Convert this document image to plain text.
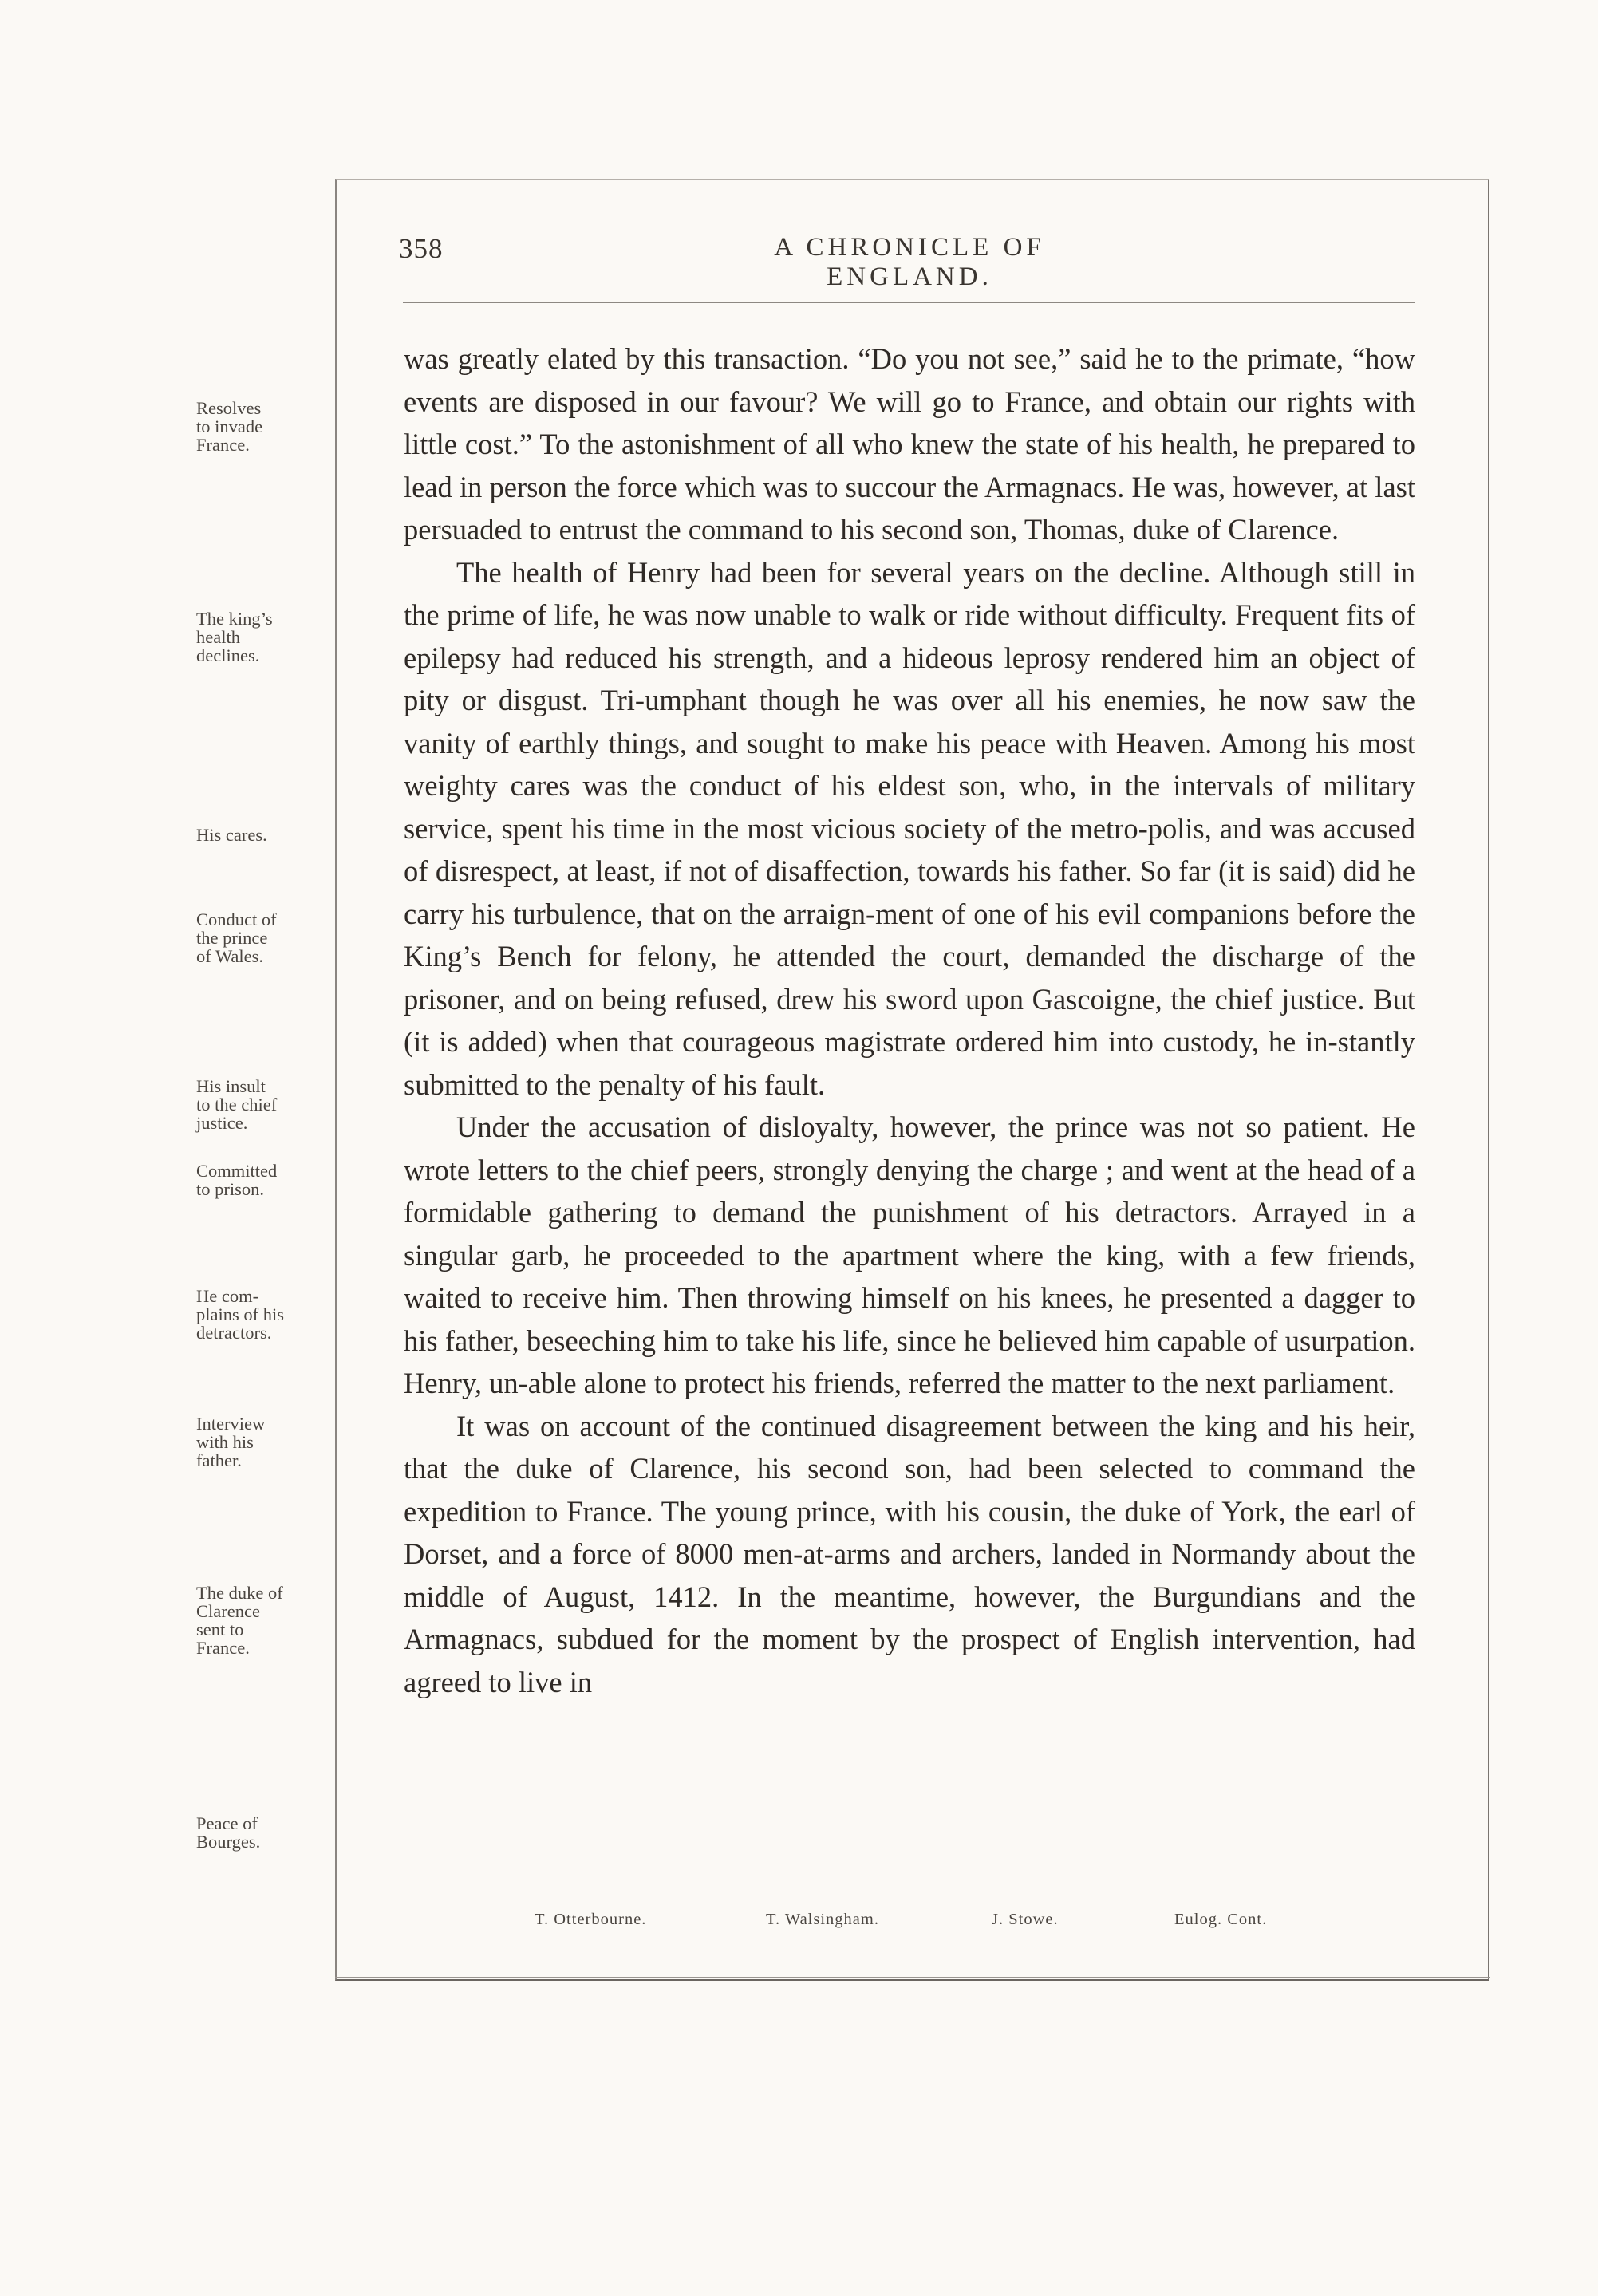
358	A CHRONICLE OF ENGLAND.

was greatly elated by this transaction. “Do you not see,” said he to the primate, “how events are disposed in our favour? We will go to France, and obtain our rights with little cost.” To the astonishment of all who knew the state of his health, he prepared to lead in person the force which was to succour the Armagnacs. He was, however, at last persuaded to entrust the command to his second son, Thomas, duke of Clarence.

The health of Henry had been for several years on the decline. Although still in the prime of life, he was now unable to walk or ride without difficulty. Frequent fits of epilepsy had reduced his strength, and a hideous leprosy rendered him an object of pity or disgust. Tri-umphant though he was over all his enemies, he now saw the vanity of earthly things, and sought to make his peace with Heaven. Among his most weighty cares was the conduct of his eldest son, who, in the intervals of military service, spent his time in the most vicious society of the metro-polis, and was accused of disrespect, at least, if not of disaffection, towards his father. So far (it is said) did he carry his turbulence, that on the arraign-ment of one of his evil companions before the King’s Bench for felony, he attended the court, demanded the discharge of the prisoner, and on being refused, drew his sword upon Gascoigne, the chief justice. But (it is added) when that courageous magistrate ordered him into custody, he in-stantly submitted to the penalty of his fault.

Under the accusation of disloyalty, however, the prince was not so patient. He wrote letters to the chief peers, strongly denying the charge ; and went at the head of a formidable gathering to demand the punishment of his detractors. Arrayed in a singular garb, he proceeded to the apartment where the king, with a few friends, waited to receive him. Then throwing himself on his knees, he presented a dagger to his father, beseeching him to take his life, since he believed him capable of usurpation. Henry, un-able alone to protect his friends, referred the matter to the next parliament.

It was on account of the continued disagreement between the king and his heir, that the duke of Clarence, his second son, had been selected to command the expedition to France. The young prince, with his cousin, the duke of York, the earl of Dorset, and a force of 8000 men-at-arms and archers, landed in Normandy about the middle of August, 1412. In the meantime, however, the Burgundians and the Armagnacs, subdued for the moment by the prospect of English intervention, had agreed to live in

Resolves
to invade
France.
The king’s
health
declines.
His cares.
Conduct of
the prince
of Wales.
His insult
to the chief
justice.
Committed
to prison.
He com-
plains of his
detractors.
Interview
with his
father.
The duke of
Clarence
sent to
France.
Peace of
Bourges.
T. Otterbourne.	T. Walsingham.	J. Stowe.	Eulog. Cont.
